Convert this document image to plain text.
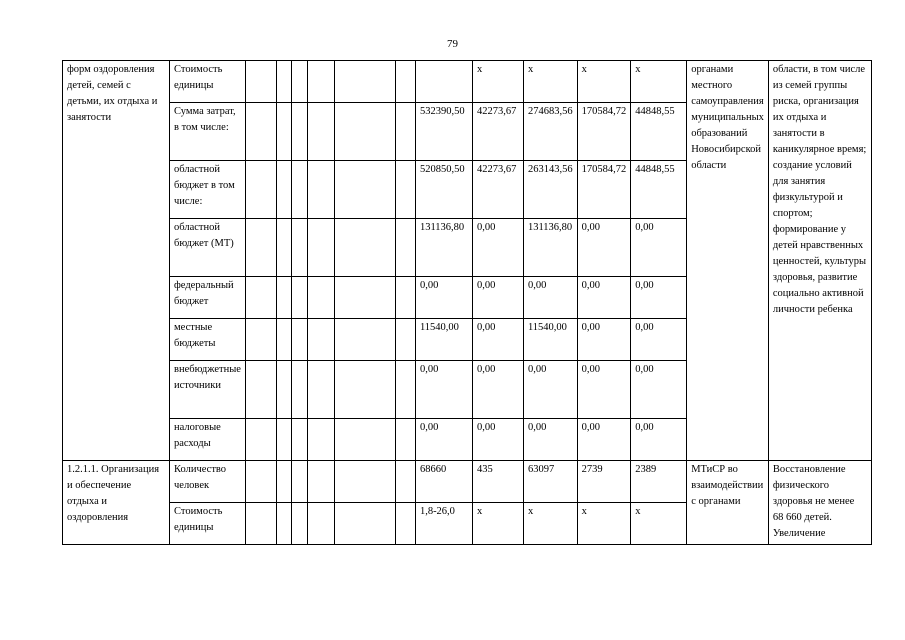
79
форм оздоровления детей, семей с детьми, их отдыха и занятости	Стоимость единицы								х	х	х	х	органами местного самоуправления муниципальных образований Новосибирской области	области, в том числе из семей группы риска, организация их отдыха и занятости в каникулярное время; создание условий для занятия физкультурой и спортом; формирование у детей нравственных ценностей, культуры здоровья, развитие социально активной личности ребенка
	Сумма затрат, в том числе:							532390,50	42273,67	274683,56	170584,72	44848,55		
	областной бюджет в том числе:							520850,50	42273,67	263143,56	170584,72	44848,55		
	областной бюджет (МТ)							131136,80	0,00	131136,80	0,00	0,00		
	федеральный бюджет							0,00	0,00	0,00	0,00	0,00		
	местные бюджеты							11540,00	0,00	11540,00	0,00	0,00		
	внебюджетные источники							0,00	0,00	0,00	0,00	0,00		
	налоговые расходы							0,00	0,00	0,00	0,00	0,00		
1.2.1.1. Организация и обеспечение отдыха и оздоровления	Количество человек							68660	435	63097	2739	2389	МТиСР во взаимодействии с органами	Восстановление физического здоровья не менее 68 660 детей. Увеличение
	Стоимость единицы							1,8-26,0	х	х	х	х		
